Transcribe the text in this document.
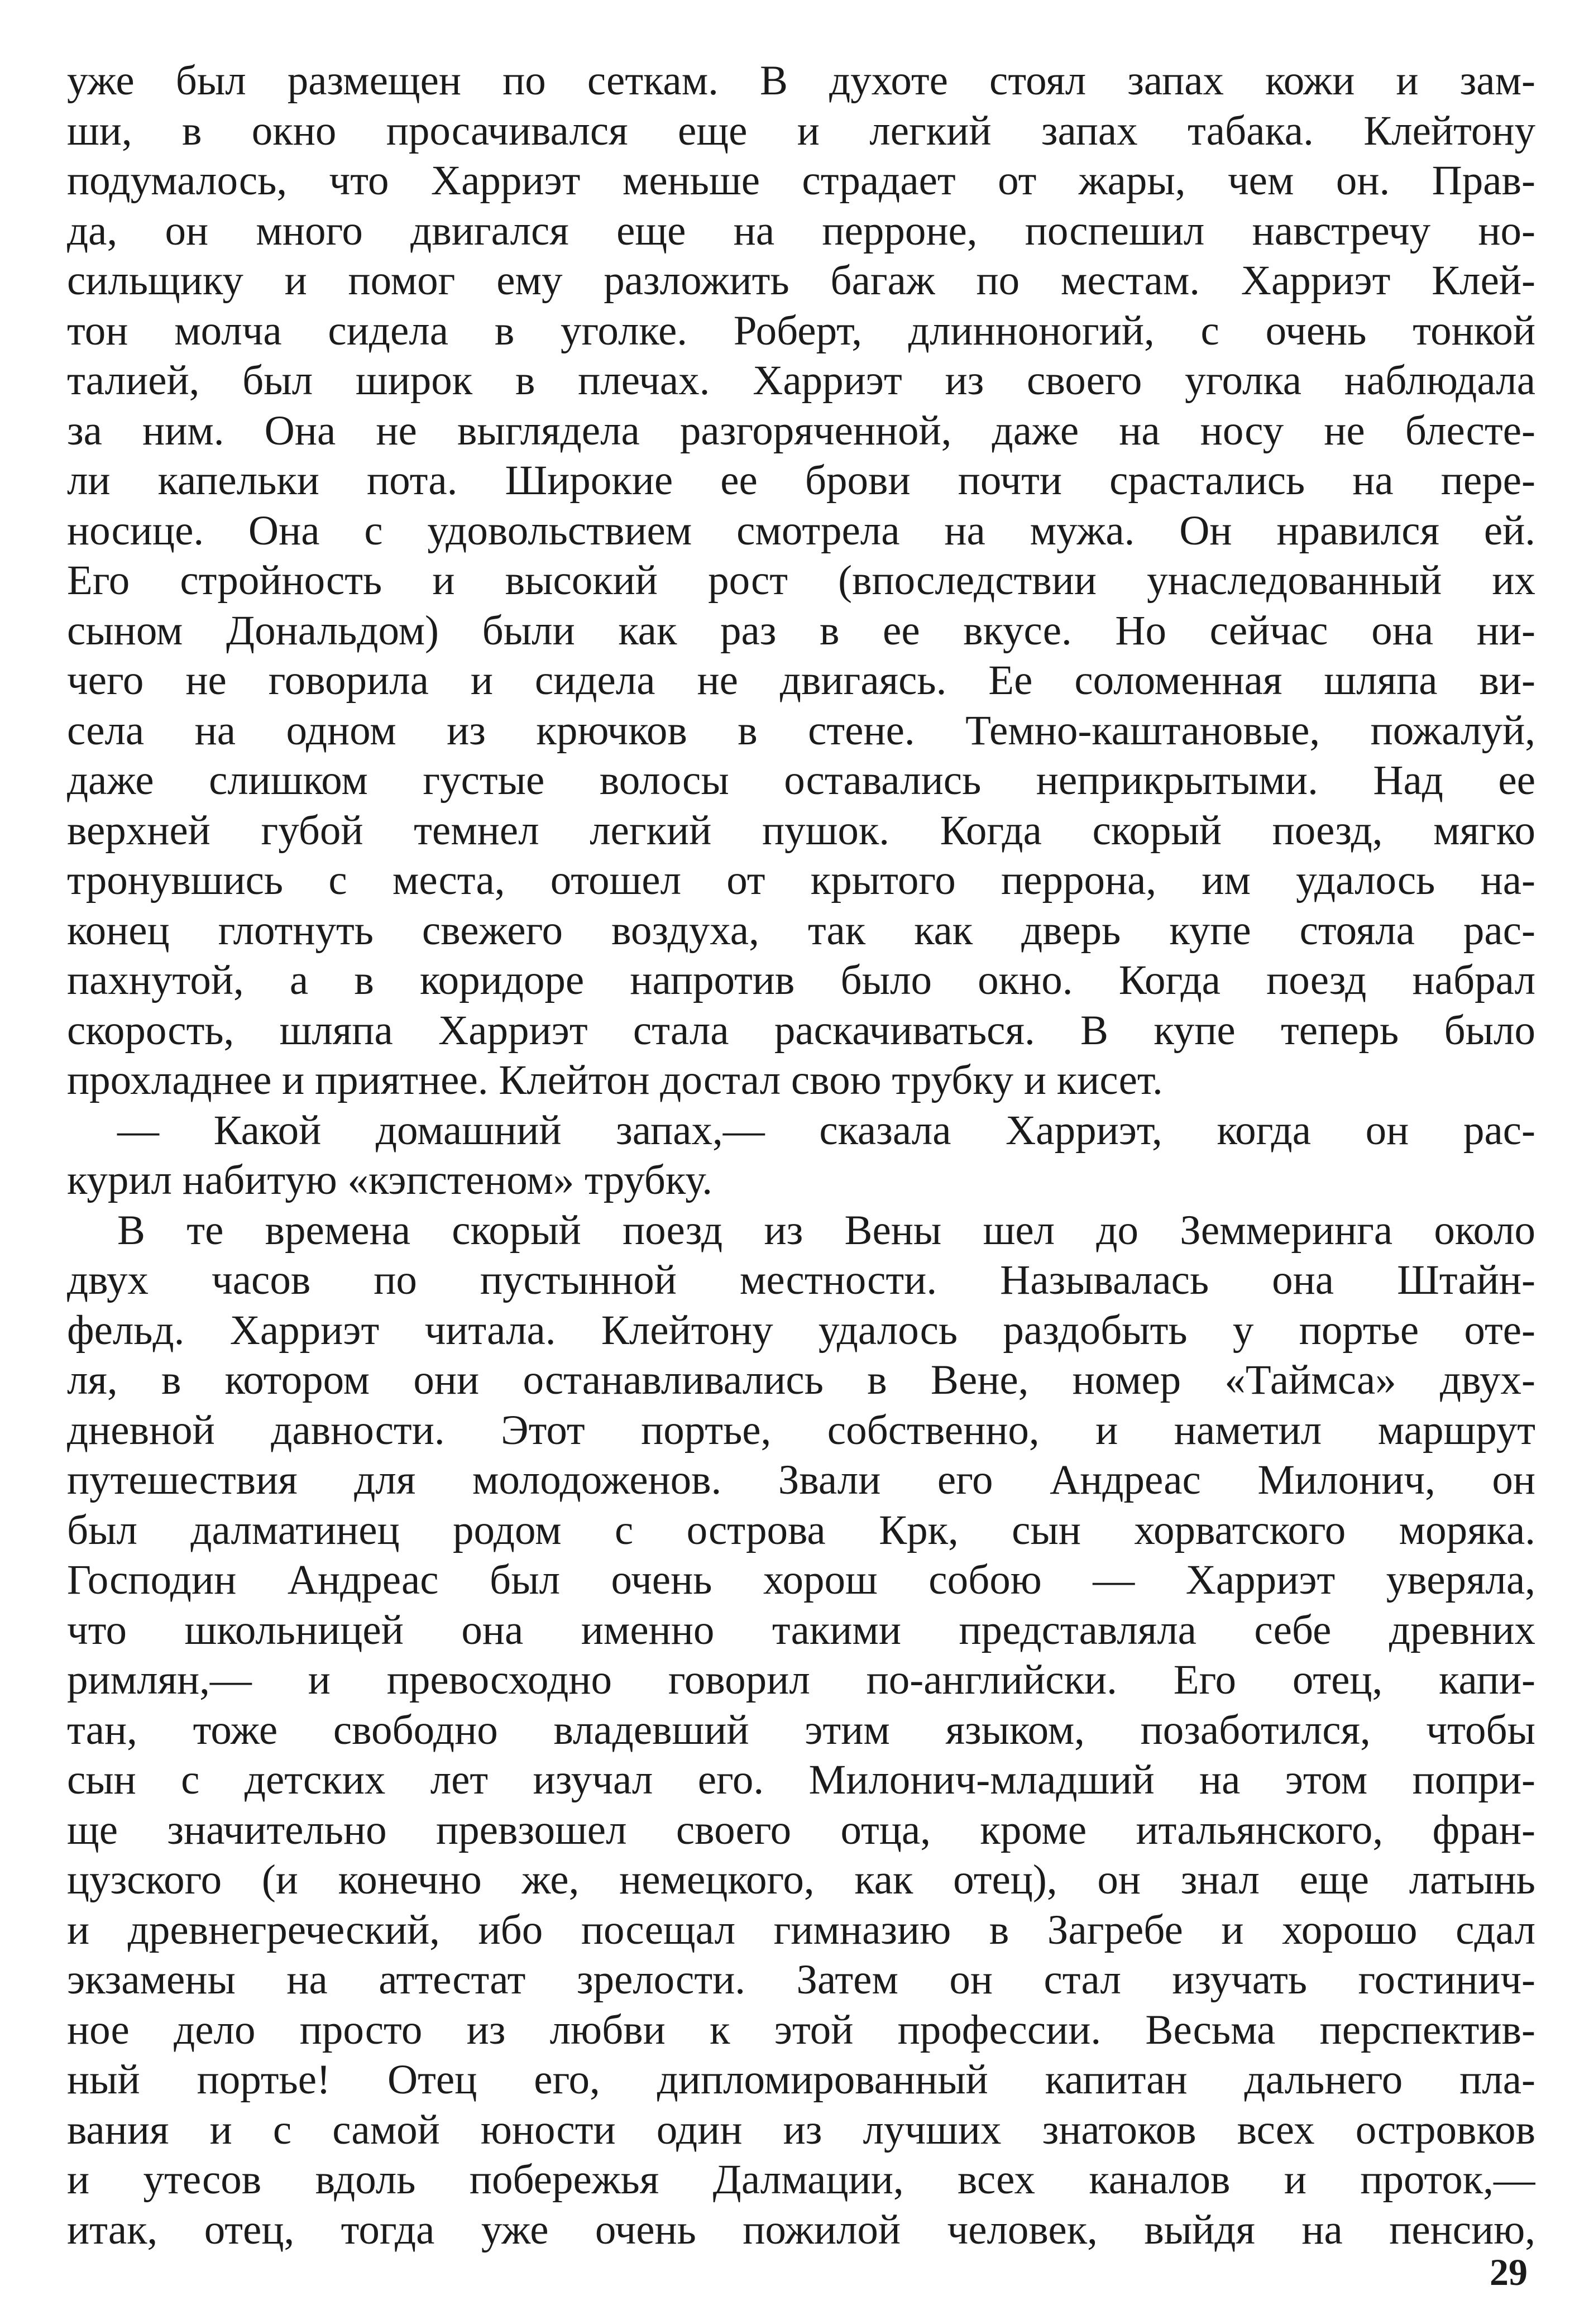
уже был размещен по сеткам. В духоте стоял запах кожи и зам-
ши, в окно просачивался еще и легкий запах табака. Клейтону
подумалось, что Харриэт меньше страдает от жары, чем он. Прав-
да, он много двигался еще на перроне, поспешил навстречу но-
сильщику и помог ему разложить багаж по местам. Харриэт Клей-
тон молча сидела в уголке. Роберт, длинноногий, с очень тонкой
талией, был широк в плечах. Харриэт из своего уголка наблюдала
за ним. Она не выглядела разгоряченной, даже на носу не блесте-
ли капельки пота. Широкие ее брови почти срастались на пере-
носице. Она с удовольствием смотрела на мужа. Он нравился ей.
Его стройность и высокий рост (впоследствии унаследованный их
сыном Дональдом) были как раз в ее вкусе. Но сейчас она ни-
чего не говорила и сидела не двигаясь. Ее соломенная шляпа ви-
села на одном из крючков в стене. Темно-каштановые, пожалуй,
даже слишком густые волосы оставались неприкрытыми. Над ее
верхней губой темнел легкий пушок. Когда скорый поезд, мягко
тронувшись с места, отошел от крытого перрона, им удалось на-
конец глотнуть свежего воздуха, так как дверь купе стояла рас-
пахнутой, а в коридоре напротив было окно. Когда поезд набрал
скорость, шляпа Харриэт стала раскачиваться. В купе теперь было
прохладнее и приятнее. Клейтон достал свою трубку и кисет.
— Какой домашний запах,— сказала Харриэт, когда он рас-
курил набитую «кэпстеном» трубку.
В те времена скорый поезд из Вены шел до Земмеринга около
двух часов по пустынной местности. Называлась она Штайн-
фельд. Харриэт читала. Клейтону удалось раздобыть у портье оте-
ля, в котором они останавливались в Вене, номер «Таймса» двух-
дневной давности. Этот портье, собственно, и наметил маршрут
путешествия для молодоженов. Звали его Андреас Милонич, он
был далматинец родом с острова Крк, сын хорватского моряка.
Господин Андреас был очень хорош собою — Харриэт уверяла,
что школьницей она именно такими представляла себе древних
римлян,— и превосходно говорил по-английски. Его отец, капи-
тан, тоже свободно владевший этим языком, позаботился, чтобы
сын с детских лет изучал его. Милонич-младший на этом попри-
ще значительно превзошел своего отца, кроме итальянского, фран-
цузского (и конечно же, немецкого, как отец), он знал еще латынь
и древнегреческий, ибо посещал гимназию в Загребе и хорошо сдал
экзамены на аттестат зрелости. Затем он стал изучать гостинич-
ное дело просто из любви к этой профессии. Весьма перспектив-
ный портье! Отец его, дипломированный капитан дальнего пла-
вания и с самой юности один из лучших знатоков всех островков
и утесов вдоль побережья Далмации, всех каналов и проток,—
итак, отец, тогда уже очень пожилой человек, выйдя на пенсию,
29
